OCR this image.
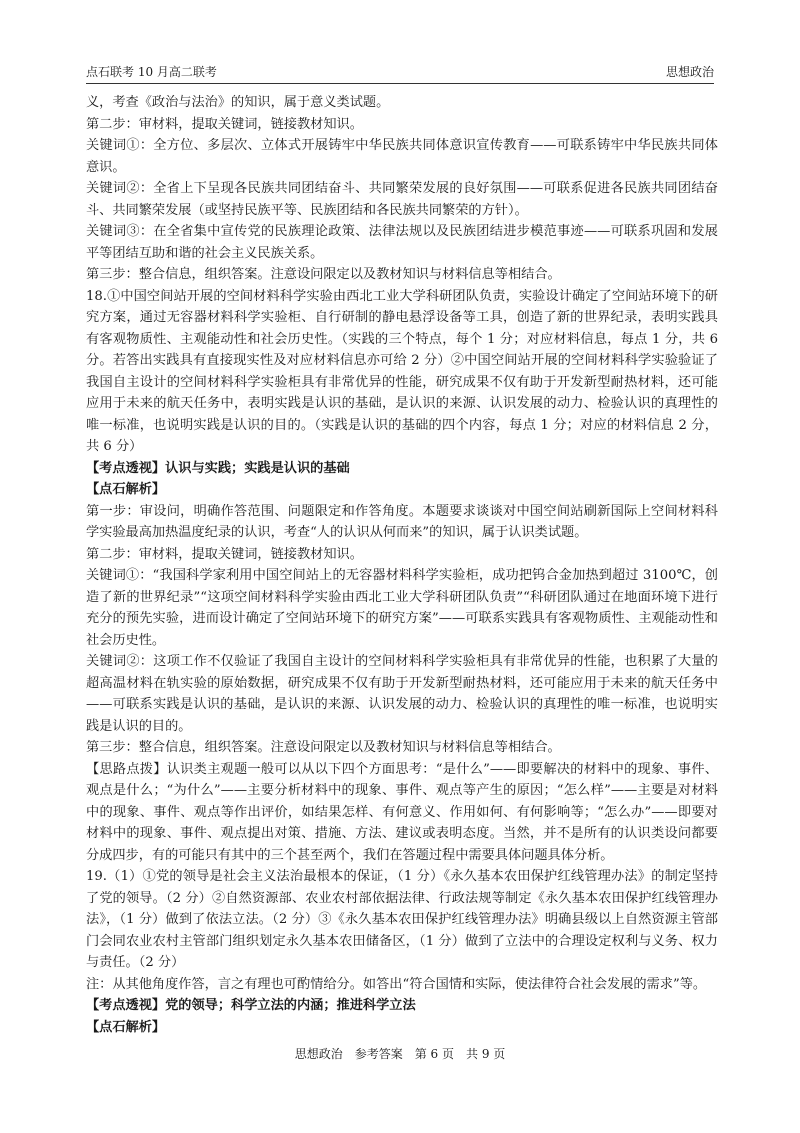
点石联考 10 月高二联考	思想政治

义，考查《政治与法治》的知识，属于意义类试题。

第二步：审材料，提取关键词，链接教材知识。

关键词①：全方位、多层次、立体式开展铸牢中华民族共同体意识宣传教育——可联系铸牢中华民族共同体意识。

关键词②：全省上下呈现各民族共同团结奋斗、共同繁荣发展的良好氛围——可联系促进各民族共同团结奋斗、共同繁荣发展（或坚持民族平等、民族团结和各民族共同繁荣的方针）。

关键词③：在全省集中宣传党的民族理论政策、法律法规以及民族团结进步模范事迹——可联系巩固和发展平等团结互助和谐的社会主义民族关系。

第三步：整合信息，组织答案。注意设问限定以及教材知识与材料信息等相结合。

18.①中国空间站开展的空间材料科学实验由西北工业大学科研团队负责，实验设计确定了空间站环境下的研究方案，通过无容器材料科学实验柜、自行研制的静电悬浮设备等工具，创造了新的世界纪录，表明实践具有客观物质性、主观能动性和社会历史性。（实践的三个特点，每个 1 分；对应材料信息，每点 1 分，共 6 分。若答出实践具有直接现实性及对应材料信息亦可给 2 分）②中国空间站开展的空间材料科学实验验证了我国自主设计的空间材料科学实验柜具有非常优异的性能，研究成果不仅有助于开发新型耐热材料，还可能应用于未来的航天任务中，表明实践是认识的基础，是认识的来源、认识发展的动力、检验认识的真理性的唯一标准，也说明实践是认识的目的。（实践是认识的基础的四个内容，每点 1 分；对应的材料信息 2 分，共 6 分）

【考点透视】认识与实践；实践是认识的基础

【点石解析】

第一步：审设问，明确作答范围、问题限定和作答角度。本题要求谈谈对中国空间站刷新国际上空间材料科学实验最高加热温度纪录的认识，考查“人的认识从何而来”的知识，属于认识类试题。

第二步：审材料，提取关键词，链接教材知识。

关键词①：“我国科学家利用中国空间站上的无容器材料科学实验柜，成功把钨合金加热到超过 3100℃，创造了新的世界纪录”“这项空间材料科学实验由西北工业大学科研团队负责”“科研团队通过在地面环境下进行充分的预先实验，进而设计确定了空间站环境下的研究方案”——可联系实践具有客观物质性、主观能动性和社会历史性。

关键词②：这项工作不仅验证了我国自主设计的空间材料科学实验柜具有非常优异的性能，也积累了大量的超高温材料在轨实验的原始数据，研究成果不仅有助于开发新型耐热材料，还可能应用于未来的航天任务中——可联系实践是认识的基础，是认识的来源、认识发展的动力、检验认识的真理性的唯一标准，也说明实践是认识的目的。

第三步：整合信息，组织答案。注意设问限定以及教材知识与材料信息等相结合。

【思路点拨】认识类主观题一般可以从以下四个方面思考：“是什么”——即要解决的材料中的现象、事件、观点是什么；“为什么”——主要分析材料中的现象、事件、观点等产生的原因；“怎么样”——主要是对材料中的现象、事件、观点等作出评价，如结果怎样、有何意义、作用如何、有何影响等；“怎么办”——即要对材料中的现象、事件、观点提出对策、措施、方法、建议或表明态度。当然，并不是所有的认识类设问都要分成四步，有的可能只有其中的三个甚至两个，我们在答题过程中需要具体问题具体分析。

19.（1）①党的领导是社会主义法治最根本的保证，（1 分）《永久基本农田保护红线管理办法》的制定坚持了党的领导。（2 分）②自然资源部、农业农村部依据法律、行政法规等制定《永久基本农田保护红线管理办法》，（1 分）做到了依法立法。（2 分）③《永久基本农田保护红线管理办法》明确县级以上自然资源主管部门会同农业农村主管部门组织划定永久基本农田储备区，（1 分）做到了立法中的合理设定权利与义务、权力与责任。（2 分）

注：从其他角度作答，言之有理也可酌情给分。如答出“符合国情和实际，使法律符合社会发展的需求”等。

【考点透视】党的领导；科学立法的内涵；推进科学立法

【点石解析】

思想政治　参考答案　第 6 页　共 9 页
